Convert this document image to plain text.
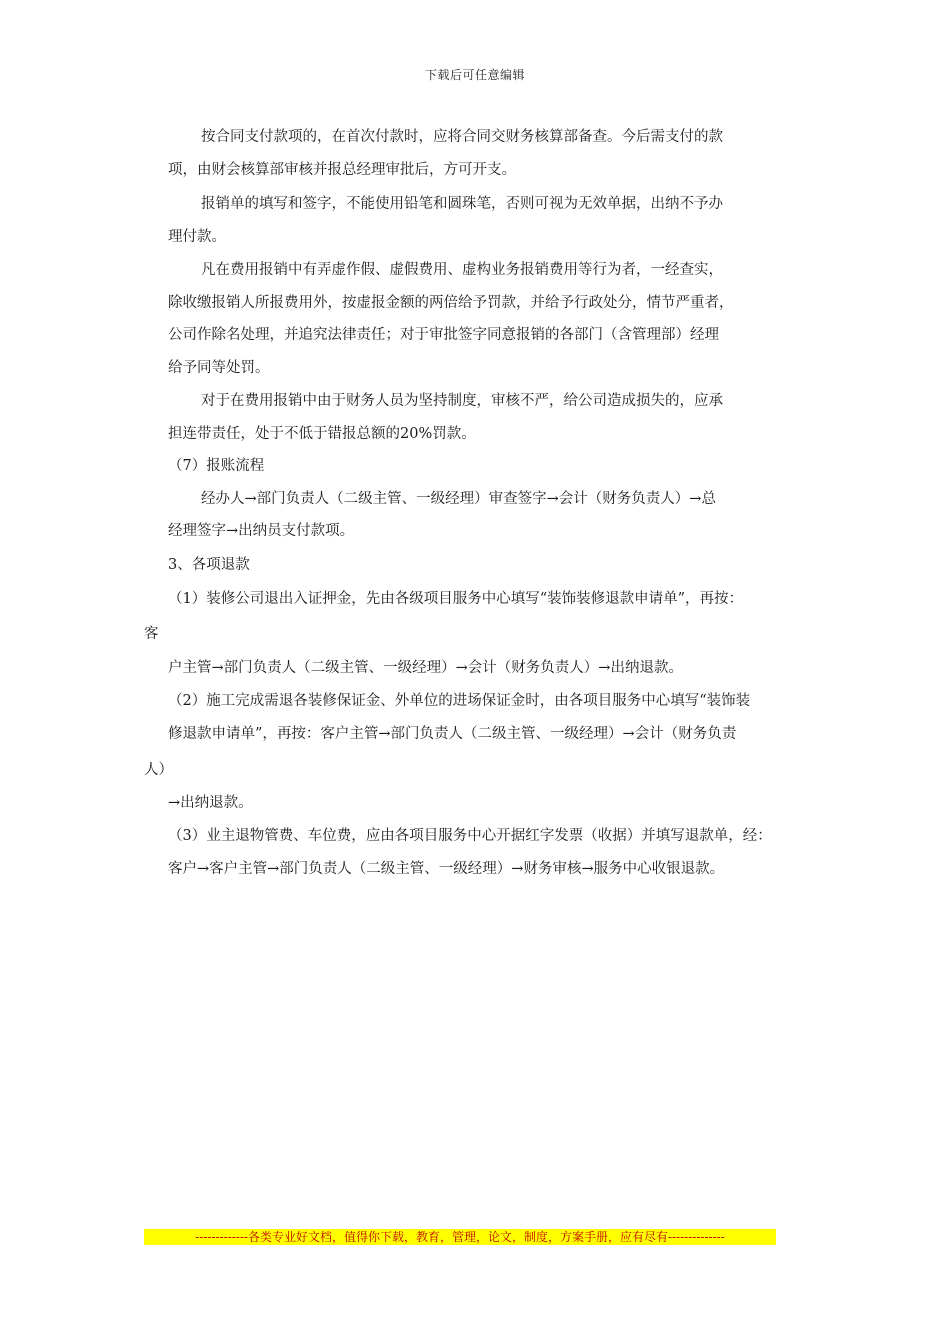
下载后可任意编辑
按合同支付款项的，在首次付款时，应将合同交财务核算部备查。今后需支付的款
项，由财会核算部审核并报总经理审批后，方可开支。
报销单的填写和签字，不能使用铅笔和圆珠笔，否则可视为无效单据，出纳不予办
理付款。
凡在费用报销中有弄虚作假、虚假费用、虚构业务报销费用等行为者，一经查实，
除收缴报销人所报费用外，按虚报金额的两倍给予罚款，并给予行政处分，情节严重者，
公司作除名处理，并追究法律责任；对于审批签字同意报销的各部门（含管理部）经理
给予同等处罚。
对于在费用报销中由于财务人员为坚持制度，审核不严，给公司造成损失的，应承
担连带责任，处于不低于错报总额的20%罚款。
（7）报账流程
经办人→部门负责人（二级主管、一级经理）审查签字→会计（财务负责人）→总
经理签字→出纳员支付款项。
3、各项退款
（1）装修公司退出入证押金，先由各级项目服务中心填写“装饰装修退款申请单”，再按：
客
户主管→部门负责人（二级主管、一级经理）→会计（财务负责人）→出纳退款。
（2）施工完成需退各装修保证金、外单位的进场保证金时，由各项目服务中心填写“装饰装
修退款申请单”，再按：客户主管→部门负责人（二级主管、一级经理）→会计（财务负责
人）
→出纳退款。
（3）业主退物管费、车位费，应由各项目服务中心开据红字发票（收据）并填写退款单，经：
客户→客户主管→部门负责人（二级主管、一级经理）→财务审核→服务中心收银退款。
-------------各类专业好文档，值得你下载，教育，管理，论文，制度，方案手册，应有尽有--------------
